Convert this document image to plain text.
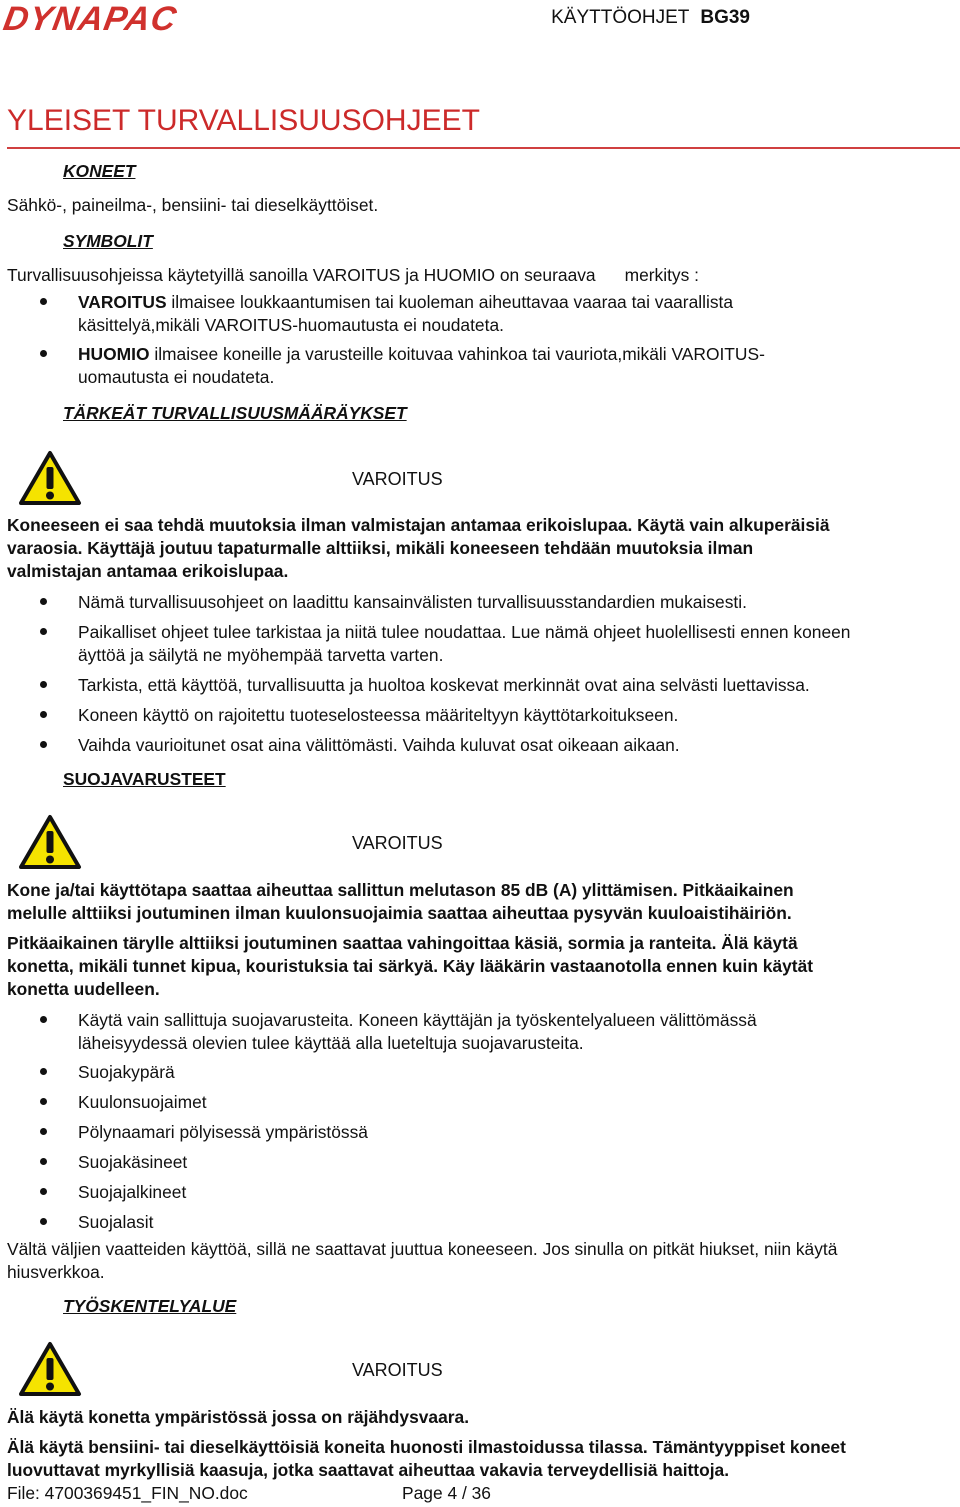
DYNAPAC	KÄYTTÖOHJET BG39
YLEISET TURVALLISUUSOHJEET
KONEET
Sähkö-, paineilma-, bensiini- tai dieselkäyttöiset.
SYMBOLIT
Turvallisuusohjeissa käytetyillä sanoilla VAROITUS ja HUOMIO on seuraava      merkitys :
VAROITUS ilmaisee loukkaantumisen tai kuoleman aiheuttavaa vaaraa tai vaarallista
käsittelyä,mikäli VAROITUS-huomautusta ei noudateta.
HUOMIO ilmaisee koneille ja varusteille koituvaa vahinkoa tai vauriota,mikäli VAROITUS-
uomautusta ei noudateta.
TÄRKEÄT TURVALLISUUSMÄÄRÄYKSET
VAROITUS
Koneeseen ei saa tehdä muutoksia ilman valmistajan antamaa erikoislupaa. Käytä vain alkuperäisiä
varaosia. Käyttäjä joutuu tapaturmalle alttiiksi, mikäli koneeseen tehdään muutoksia ilman
valmistajan antamaa erikoislupaa.
Nämä turvallisuusohjeet on laadittu kansainvälisten turvallisuusstandardien mukaisesti.
Paikalliset ohjeet tulee tarkistaa ja niitä tulee noudattaa. Lue nämä ohjeet huolellisesti ennen koneen
äyttöä ja säilytä ne myöhempää tarvetta varten.
Tarkista, että käyttöä, turvallisuutta ja huoltoa koskevat merkinnät ovat aina selvästi luettavissa.
Koneen käyttö on rajoitettu tuoteselosteessa määriteltyyn käyttötarkoitukseen.
Vaihda vaurioitunet osat aina välittömästi. Vaihda kuluvat osat oikeaan aikaan.
SUOJAVARUSTEET
VAROITUS
Kone ja/tai käyttötapa saattaa aiheuttaa sallittun melutason 85 dB (A) ylittämisen. Pitkäaikainen
melulle alttiiksi joutuminen ilman kuulonsuojaimia saattaa aiheuttaa pysyvän kuuloaistihäiriön.
Pitkäaikainen tärylle alttiiksi joutuminen saattaa vahingoittaa käsiä, sormia ja ranteita. Älä käytä
konetta, mikäli tunnet kipua, kouristuksia tai särkyä. Käy lääkärin vastaanotolla ennen kuin käytät
konetta uudelleen.
Käytä vain sallittuja suojavarusteita. Koneen käyttäjän ja työskentelyalueen välittömässä
läheisyydessä olevien tulee käyttää alla lueteltuja suojavarusteita.
Suojakypärä
Kuulonsuojaimet
Pölynaamari pölyisessä ympäristössä
Suojakäsineet
Suojajalkineet
Suojalasit
Vältä väljien vaatteiden käyttöä, sillä ne saattavat juuttua koneeseen. Jos sinulla on pitkät hiukset, niin käytä
hiusverkkoa.
TYÖSKENTELYALUE
VAROITUS
Älä käytä konetta ympäristössä jossa on räjähdysvaara.
Älä käytä bensiini- tai dieselkäyttöisiä koneita huonosti ilmastoidussa tilassa. Tämäntyyppiset koneet
luovuttavat myrkyllisiä kaasuja, jotka saattavat aiheuttaa vakavia terveydellisiä haittoja.
File: 4700369451_FIN_NO.doc	Page 4 / 36
